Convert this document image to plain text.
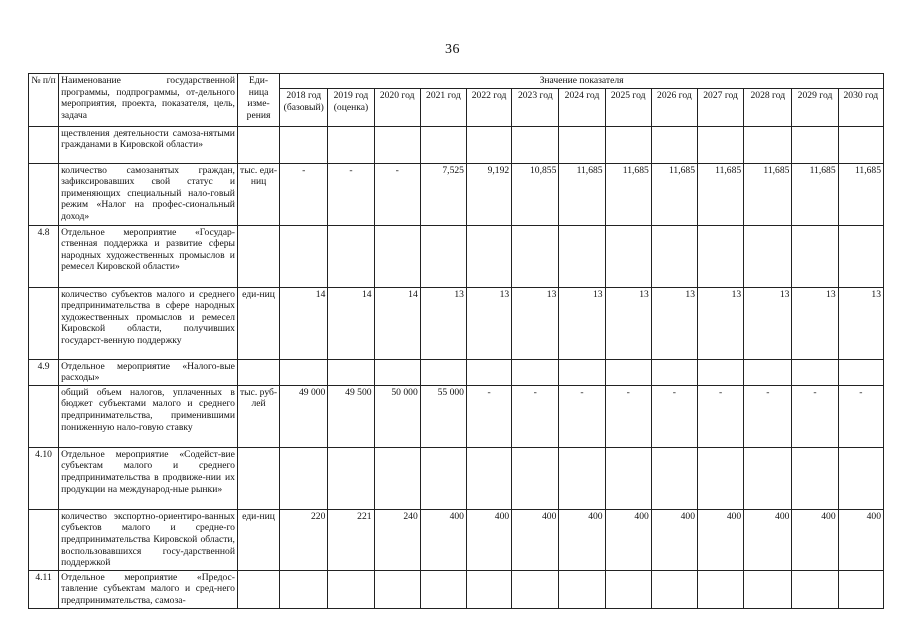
36
№ п/п	Наименование государственной программы, подпрограммы, от-дельного мероприятия, проекта, показателя, цель, задача	Еди-ница изме-рения	Значение показателя												
			2018 год (базовый)	2019 год (оценка)	2020 год	2021 год	2022 год	2023 год	2024 год	2025 год	2026 год	2027 год	2028 год	2029 год	2030 год
	ществления деятельности самоза-нятыми гражданами в Кировской области»														
	количество самозанятых граждан, зафиксировавших свой статус и применяющих специальный нало-говый режим «Налог на профес-сиональный доход»	тыс. еди-ниц	-	-	-	7,525	9,192	10,855	11,685	11,685	11,685	11,685	11,685	11,685	11,685
4.8	Отдельное мероприятие «Государ-ственная поддержка и развитие сферы народных художественных промыслов и ремесел Кировской области»														
	количество субъектов малого и среднего предпринимательства в сфере народных художественных промыслов и ремесел Кировской области, получивших государст-венную поддержку	еди-ниц	14	14	14	13	13	13	13	13	13	13	13	13	13
4.9	Отдельное мероприятие «Налого-вые расходы»														
	общий объем налогов, уплаченных в бюджет субъектами малого и среднего предпринимательства, применившими пониженную нало-говую ставку	тыс. руб-лей	49 000	49 500	50 000	55 000	-	-	-	-	-	-	-	-	-
4.10	Отдельное мероприятие «Содейст-вие субъектам малого и среднего предпринимательства в продвиже-нии их продукции на международ-ные рынки»														
	количество экспортно-ориентиро-ванных субъектов малого и средне-го предпринимательства Кировской области, воспользовавшихся госу-дарственной поддержкой	еди-ниц	220	221	240	400	400	400	400	400	400	400	400	400	400
4.11	Отдельное мероприятие «Предос-тавление субъектам малого и сред-него предпринимательства, самоза-														
